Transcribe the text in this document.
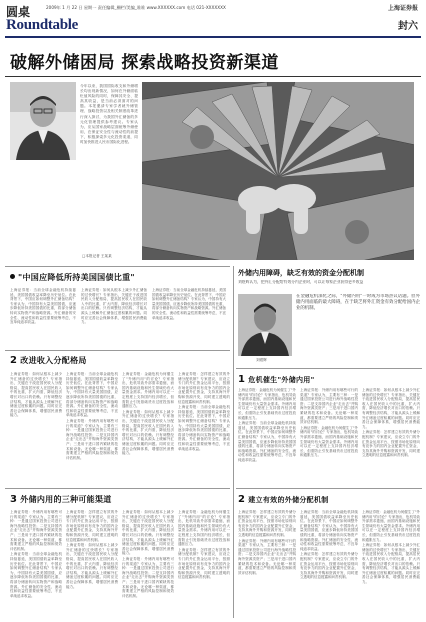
圆桌	2009年 1 月 22 日 星期一 责任编辑_栅栏/美编_谁谁 www.XXXXXX.com 电话 021-XXXXXXX
Roundtable
上海证券报
封六
破解外储困局 探索战略投资新渠道

今年以来，我国国际收支和外储增长均出现新情况，如何在外储面临贬值风险的同时，保障其安全、提高其收益，是当前必须面对的问题。本报邀请专家学者就外储管理、战略投资以及相关制度改革进行深入探讨，为我国外汇储备的多元化管理提供参考建议。专家认为，应从国家战略层面统筹外储使用，在保证安全性与流动性的前提下，积极探索多元化投资渠道，同时加快推进人民币国际化进程。

□本报记者 王某某
"中国应降低所持美国国债比重"

上海证券报：当前全球金融危机持续蔓延，美国国债收益率降至历史低位。在此背景下，中国应如何调整外汇储备结构？专家认为，中国持有大量美国国债，应逐步降低所持美国国债的比重，将部分储备转向实物资产和战略资源。外汇储备的安全性、流动性和收益性需要统筹考虑，不宜单纯追求收益。

上海证券报：如何从根本上减少外汇储备的过快增长？专家指出，关键在于改进国民收入分配格局，提高居民收入在国民收入中的比重，扩大内需，降低经济增长对出口的依赖。只有调整经济结构，才能从源头上缓解外汇储备过度积累的问题。同时应完善社会保障体系，增强居民消费能力。

上海证券报：当前全球金融危机持续蔓延，美国国债收益率降至历史低位。在此背景下，中国应如何调整外汇储备结构？专家认为，中国持有大量美国国债，应逐步降低所持美国国债的比重，将部分储备转向实物资产和战略资源。外汇储备的安全性、流动性和收益性需要统筹考虑，不宜单纯追求收益。

2 改进收入分配格局

上海证券报：如何从根本上减少外汇储备的过快增长？专家指出，关键在于改进国民收入分配格局，提高居民收入在国民收入中的比重，扩大内需，降低经济增长对出口的依赖。只有调整经济结构，才能从源头上缓解外汇储备过度积累的问题。同时应完善社会保障体系，增强居民消费能力。

上海证券报：当前全球金融危机持续蔓延，美国国债收益率降至历史低位。在此背景下，中国应如何调整外汇储备结构？专家认为，中国持有大量美国国债，应逐步降低所持美国国债的比重，将部分储备转向实物资产和战略资源。外汇储备的安全性、流动性和收益性需要统筹考虑，不宜单纯追求收益。

上海证券报：外储内用有哪些可行的渠道？专家认为，主要有三种：一是通过国家投资公司进行海外战略性投资；二是支持国内企业"走出去"并购海外资源类资产；三是用于进口国内紧缺的技术和设备。无论哪一种渠道，都需要建立严格的风险控制和绩效评估机制。

上海证券报：金融危机为何催生了"外储内用"的讨论？专家指出，危机导致外部需求萎缩，而国内基础设施和民生领域仍有大量资金需求。外储内用可以在一定程度上支持国内经济增长，但需防止引发基础货币过度投放和通胀压力。

上海证券报：如何从根本上减少外汇储备的过快增长？专家指出，关键在于改进国民收入分配格局，提高居民收入在国民收入中的比重，扩大内需，降低经济增长对出口的依赖。只有调整经济结构，才能从源头上缓解外汇储备过度积累的问题。同时应完善社会保障体系，增强居民消费能力。

上海证券报：怎样建立有效的外储分配机制？专家建议，应设立专门的外汇资金运用平台，按照市场化原则向有竞争力的国内企业配置外汇资金，支持其海外并购和资源开发，同时建立透明的信息披露和问责机制。

上海证券报：当前全球金融危机持续蔓延，美国国债收益率降至历史低位。在此背景下，中国应如何调整外汇储备结构？专家认为，中国持有大量美国国债，应逐步降低所持美国国债的比重，将部分储备转向实物资产和战略资源。外汇储备的安全性、流动性和收益性需要统筹考虑，不宜单纯追求收益。

3 外储内用的三种可能渠道

上海证券报：外储内用有哪些可行的渠道？专家认为，主要有三种：一是通过国家投资公司进行海外战略性投资；二是支持国内企业"走出去"并购海外资源类资产；三是用于进口国内紧缺的技术和设备。无论哪一种渠道，都需要建立严格的风险控制和绩效评估机制。

上海证券报：当前全球金融危机持续蔓延，美国国债收益率降至历史低位。在此背景下，中国应如何调整外汇储备结构？专家认为，中国持有大量美国国债，应逐步降低所持美国国债的比重，将部分储备转向实物资产和战略资源。外汇储备的安全性、流动性和收益性需要统筹考虑，不宜单纯追求收益。

上海证券报：怎样建立有效的外储分配机制？专家建议，应设立专门的外汇资金运用平台，按照市场化原则向有竞争力的国内企业配置外汇资金，支持其海外并购和资源开发，同时建立透明的信息披露和问责机制。

上海证券报：如何从根本上减少外汇储备的过快增长？专家指出，关键在于改进国民收入分配格局，提高居民收入在国民收入中的比重，扩大内需，降低经济增长对出口的依赖。只有调整经济结构，才能从源头上缓解外汇储备过度积累的问题。同时应完善社会保障体系，增强居民消费能力。

上海证券报：如何从根本上减少外汇储备的过快增长？专家指出，关键在于改进国民收入分配格局，提高居民收入在国民收入中的比重，扩大内需，降低经济增长对出口的依赖。只有调整经济结构，才能从源头上缓解外汇储备过度积累的问题。同时应完善社会保障体系，增强居民消费能力。

上海证券报：外储内用有哪些可行的渠道？专家认为，主要有三种：一是通过国家投资公司进行海外战略性投资；二是支持国内企业"走出去"并购海外资源类资产；三是用于进口国内紧缺的技术和设备。无论哪一种渠道，都需要建立严格的风险控制和绩效评估机制。

上海证券报：金融危机为何催生了"外储内用"的讨论？专家指出，危机导致外部需求萎缩，而国内基础设施和民生领域仍有大量资金需求。外储内用可以在一定程度上支持国内经济增长，但需防止引发基础货币过度投放和通胀压力。

上海证券报：怎样建立有效的外储分配机制？专家建议，应设立专门的外汇资金运用平台，按照市场化原则向有竞争力的国内企业配置外汇资金，支持其海外并购和资源开发，同时建立透明的信息披露和问责机制。

外储内用障碍，缺乏有效的资金分配机制
刘煜辉认为，把外汇分配给有效分内企业时，可以让每家企业获得更多收益
刘煜辉
在金融危机深化之际，"外储内用"一时成为市场热议话题。但外储内用面临的最大障碍，在于缺乏将外汇资金有效分配给国内企业的机制。
1 危机催生"外储内用"

上海证券报：金融危机为何催生了"外储内用"的讨论？专家指出，危机导致外部需求萎缩，而国内基础设施和民生领域仍有大量资金需求。外储内用可以在一定程度上支持国内经济增长，但需防止引发基础货币过度投放和通胀压力。

上海证券报：当前全球金融危机持续蔓延，美国国债收益率降至历史低位。在此背景下，中国应如何调整外汇储备结构？专家认为，中国持有大量美国国债，应逐步降低所持美国国债的比重，将部分储备转向实物资产和战略资源。外汇储备的安全性、流动性和收益性需要统筹考虑，不宜单纯追求收益。

上海证券报：外储内用有哪些可行的渠道？专家认为，主要有三种：一是通过国家投资公司进行海外战略性投资；二是支持国内企业"走出去"并购海外资源类资产；三是用于进口国内紧缺的技术和设备。无论哪一种渠道，都需要建立严格的风险控制和绩效评估机制。

上海证券报：金融危机为何催生了"外储内用"的讨论？专家指出，危机导致外部需求萎缩，而国内基础设施和民生领域仍有大量资金需求。外储内用可以在一定程度上支持国内经济增长，但需防止引发基础货币过度投放和通胀压力。

上海证券报：如何从根本上减少外汇储备的过快增长？专家指出，关键在于改进国民收入分配格局，提高居民收入在国民收入中的比重，扩大内需，降低经济增长对出口的依赖。只有调整经济结构，才能从源头上缓解外汇储备过度积累的问题。同时应完善社会保障体系，增强居民消费能力。

上海证券报：怎样建立有效的外储分配机制？专家建议，应设立专门的外汇资金运用平台，按照市场化原则向有竞争力的国内企业配置外汇资金，支持其海外并购和资源开发，同时建立透明的信息披露和问责机制。

2 建立有效的外储分配机制

上海证券报：怎样建立有效的外储分配机制？专家建议，应设立专门的外汇资金运用平台，按照市场化原则向有竞争力的国内企业配置外汇资金，支持其海外并购和资源开发，同时建立透明的信息披露和问责机制。

上海证券报：外储内用有哪些可行的渠道？专家认为，主要有三种：一是通过国家投资公司进行海外战略性投资；二是支持国内企业"走出去"并购海外资源类资产；三是用于进口国内紧缺的技术和设备。无论哪一种渠道，都需要建立严格的风险控制和绩效评估机制。

上海证券报：当前全球金融危机持续蔓延，美国国债收益率降至历史低位。在此背景下，中国应如何调整外汇储备结构？专家认为，中国持有大量美国国债，应逐步降低所持美国国债的比重，将部分储备转向实物资产和战略资源。外汇储备的安全性、流动性和收益性需要统筹考虑，不宜单纯追求收益。

上海证券报：怎样建立有效的外储分配机制？专家建议，应设立专门的外汇资金运用平台，按照市场化原则向有竞争力的国内企业配置外汇资金，支持其海外并购和资源开发，同时建立透明的信息披露和问责机制。

上海证券报：金融危机为何催生了"外储内用"的讨论？专家指出，危机导致外部需求萎缩，而国内基础设施和民生领域仍有大量资金需求。外储内用可以在一定程度上支持国内经济增长，但需防止引发基础货币过度投放和通胀压力。

上海证券报：如何从根本上减少外汇储备的过快增长？专家指出，关键在于改进国民收入分配格局，提高居民收入在国民收入中的比重，扩大内需，降低经济增长对出口的依赖。只有调整经济结构，才能从源头上缓解外汇储备过度积累的问题。同时应完善社会保障体系，增强居民消费能力。
